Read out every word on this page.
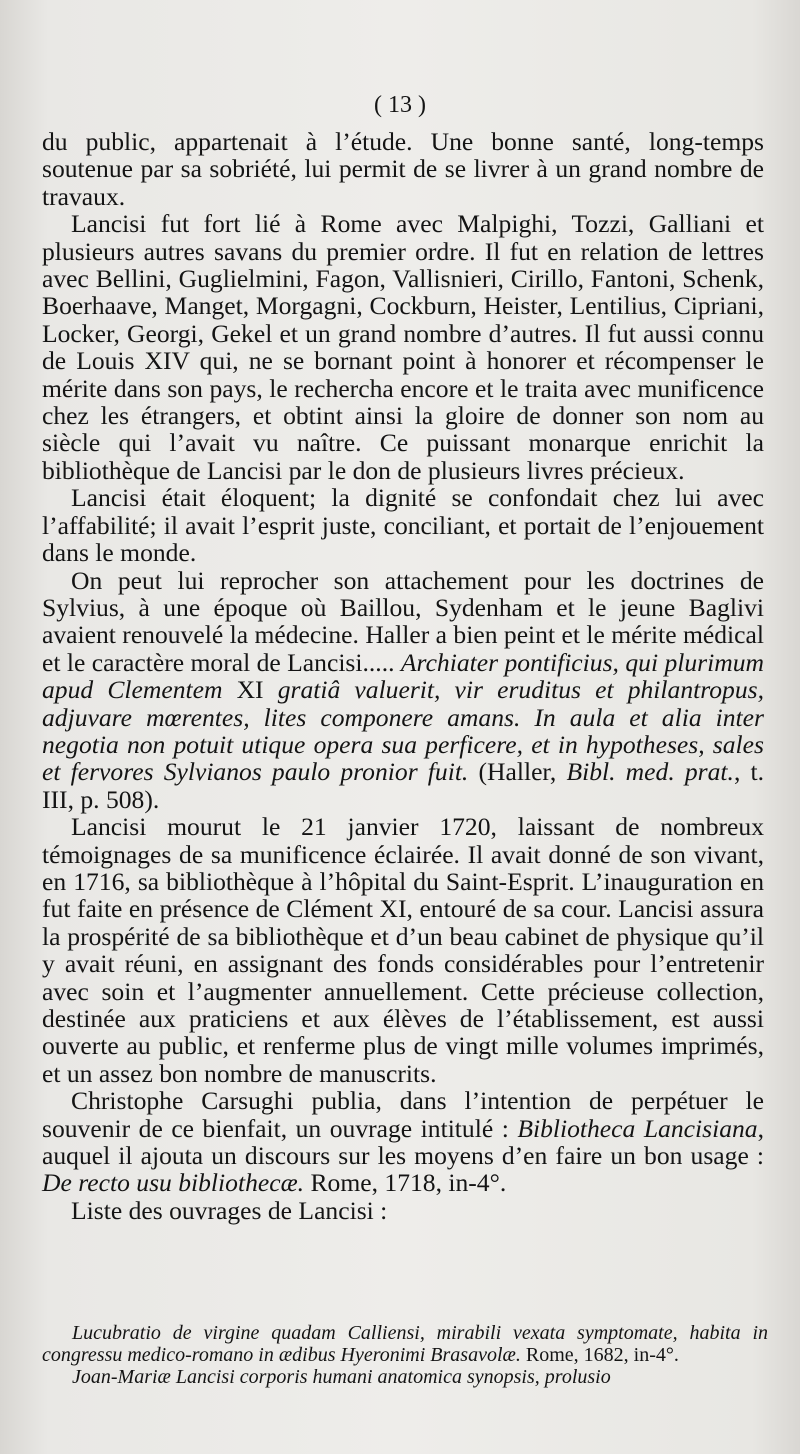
( 13 )

du public, appartenait à l’étude. Une bonne santé, long-temps soutenue par sa sobriété, lui permit de se livrer à un grand nombre de travaux.

Lancisi fut fort lié à Rome avec Malpighi, Tozzi, Galliani et plusieurs autres savans du premier ordre. Il fut en relation de lettres avec Bellini, Guglielmini, Fagon, Vallisnieri, Cirillo, Fantoni, Schenk, Boerhaave, Manget, Morgagni, Cockburn, Heister, Lentilius, Cipriani, Locker, Georgi, Gekel et un grand nombre d’autres. Il fut aussi connu de Louis XIV qui, ne se bornant point à honorer et récompenser le mérite dans son pays, le rechercha encore et le traita avec munificence chez les étrangers, et obtint ainsi la gloire de donner son nom au siècle qui l’avait vu naître. Ce puissant monarque enrichit la bibliothèque de Lancisi par le don de plusieurs livres précieux.

Lancisi était éloquent; la dignité se confondait chez lui avec l’affabilité; il avait l’esprit juste, conciliant, et portait de l’enjouement dans le monde.

On peut lui reprocher son attachement pour les doctrines de Sylvius, à une époque où Baillou, Sydenham et le jeune Baglivi avaient renouvelé la médecine. Haller a bien peint et le mérite médical et le caractère moral de Lancisi..... Archiater pontificius, qui plurimum apud Clementem XI gratiâ valuerit, vir eruditus et philantropus, adjuvare mœrentes, lites componere amans. In aula et alia inter negotia non potuit utique opera sua perficere, et in hypotheses, sales et fervores Sylvianos paulo pronior fuit. (Haller, Bibl. med. prat., t. III, p. 508).

Lancisi mourut le 21 janvier 1720, laissant de nombreux témoignages de sa munificence éclairée. Il avait donné de son vivant, en 1716, sa bibliothèque à l’hôpital du Saint-Esprit. L’inauguration en fut faite en présence de Clément XI, entouré de sa cour. Lancisi assura la prospérité de sa bibliothèque et d’un beau cabinet de physique qu’il y avait réuni, en assignant des fonds considérables pour l’entretenir avec soin et l’augmenter annuellement. Cette précieuse collection, destinée aux praticiens et aux élèves de l’établissement, est aussi ouverte au public, et renferme plus de vingt mille volumes imprimés, et un assez bon nombre de manuscrits.

Christophe Carsughi publia, dans l’intention de perpétuer le souvenir de ce bienfait, un ouvrage intitulé : Bibliotheca Lancisiana, auquel il ajouta un discours sur les moyens d’en faire un bon usage : De recto usu bibliothecæ. Rome, 1718, in-4°.

Liste des ouvrages de Lancisi :

Lucubratio de virgine quadam Calliensi, mirabili vexata symptomate, habita in congressu medico-romano in ædibus Hyeronimi Brasavolæ. Rome, 1682, in-4°.

Joan-Mariæ Lancisi corporis humani anatomica synopsis, prolusio
